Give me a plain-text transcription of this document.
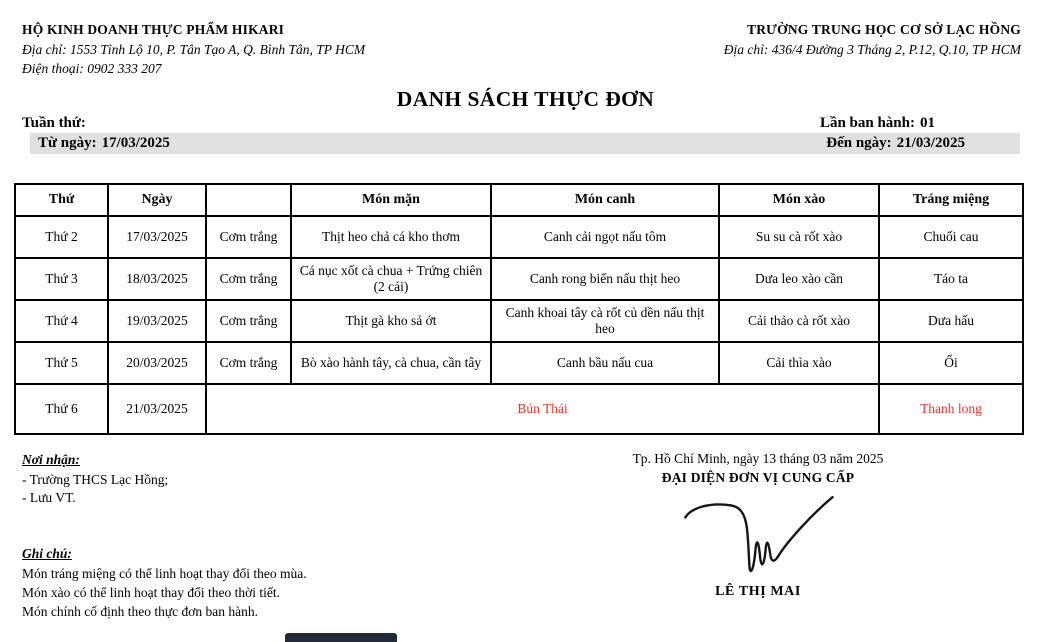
HỘ KINH DOANH THỰC PHẨM HIKARI
Địa chỉ: 1553 Tỉnh Lộ 10, P. Tân Tạo A, Q. Bình Tân, TP HCM
Điện thoại: 0902 333 207
TRƯỜNG TRUNG HỌC CƠ SỞ LẠC HỒNG
Địa chỉ: 436/4 Đường 3 Tháng 2, P.12, Q.10, TP HCM
DANH SÁCH THỰC ĐƠN
Tuần thứ:	Lần ban hành: 01
Từ ngày: 17/03/2025	Đến ngày: 21/03/2025
Thứ	Ngày		Món mặn	Món canh	Món xào	Tráng miệng
Thứ 2	17/03/2025	Cơm trắng	Thịt heo chả cá kho thơm	Canh cải ngọt nấu tôm	Su su cà rốt xào	Chuối cau
Thứ 3	18/03/2025	Cơm trắng	Cá nục xốt cà chua + Trứng chiên (2 cái)	Canh rong biển nấu thịt heo	Dưa leo xào cần	Táo ta
Thứ 4	19/03/2025	Cơm trắng	Thịt gà kho sả ớt	Canh khoai tây cà rốt củ dền nấu thịt heo	Cải thảo cà rốt xào	Dưa hấu
Thứ 5	20/03/2025	Cơm trắng	Bò xào hành tây, cà chua, cần tây	Canh bầu nấu cua	Cải thìa xào	Ổi
Thứ 6	21/03/2025	Bún Thái				Thanh long
Nơi nhận:
- Trường THCS Lạc Hồng;
- Lưu VT.
Ghi chú:
Món tráng miệng có thể linh hoạt thay đổi theo mùa.
Món xào có thể linh hoạt thay đổi theo thời tiết.
Món chính cố định theo thực đơn ban hành.
Tp. Hồ Chí Minh, ngày 13 tháng 03 năm 2025
ĐẠI DIỆN ĐƠN VỊ CUNG CẤP
LÊ THỊ MAI
